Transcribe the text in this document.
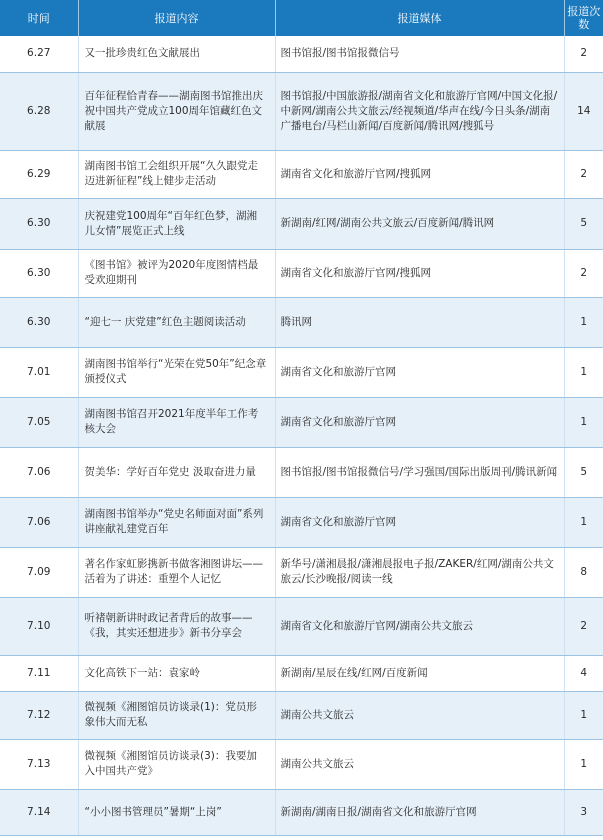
时间	报道内容	报道媒体	报道次数
6.27	又一批珍贵红色文献展出	图书馆报/图书馆报微信号	2
6.28	百年征程恰青春——湖南图书馆推出庆祝中国共产党成立100周年馆藏红色文献展	图书馆报/中国旅游报/湖南省文化和旅游厅官网/中国文化报/中新网/湖南公共文旅云/经视频道/华声在线/今日头条/湖南广播电台/马栏山新闻/百度新闻/腾讯网/搜狐号	14
6.29	湖南图书馆工会组织开展“久久跟党走 迈进新征程”线上健步走活动	湖南省文化和旅游厅官网/搜狐网	2
6.30	庆祝建党100周年“百年红色梦，湖湘儿女情”展览正式上线	新湖南/红网/湖南公共文旅云/百度新闻/腾讯网	5
6.30	《图书馆》被评为2020年度图情档最受欢迎期刊	湖南省文化和旅游厅官网/搜狐网	2
6.30	“迎七一 庆党建”红色主题阅读活动	腾讯网	1
7.01	湖南图书馆举行“光荣在党50年”纪念章颁授仪式	湖南省文化和旅游厅官网	1
7.05	湖南图书馆召开2021年度半年工作考核大会	湖南省文化和旅游厅官网	1
7.06	贺美华：学好百年党史 汲取奋进力量	图书馆报/图书馆报微信号/学习强国/国际出版周刊/腾讯新闻	5
7.06	湖南图书馆举办“党史名师面对面”系列讲座献礼建党百年	湖南省文化和旅游厅官网	1
7.09	著名作家虹影携新书做客湘图讲坛——活着为了讲述：重塑个人记忆	新华号/潇湘晨报/潇湘晨报电子报/ZAKER/红网/湖南公共文旅云/长沙晚报/阅读一线	8
7.10	听褚朝新讲时政记者背后的故事——《我，其实还想进步》新书分享会	湖南省文化和旅游厅官网/湖南公共文旅云	2
7.11	文化高铁下一站：袁家岭	新湖南/星辰在线/红网/百度新闻	4
7.12	微视频《湘图馆员访谈录(1)：党员形象伟大而无私	湖南公共文旅云	1
7.13	微视频《湘图馆员访谈录(3)：我要加入中国共产党》	湖南公共文旅云	1
7.14	“小小图书管理员”暑期“上岗”	新湖南/湖南日报/湖南省文化和旅游厅官网	3
